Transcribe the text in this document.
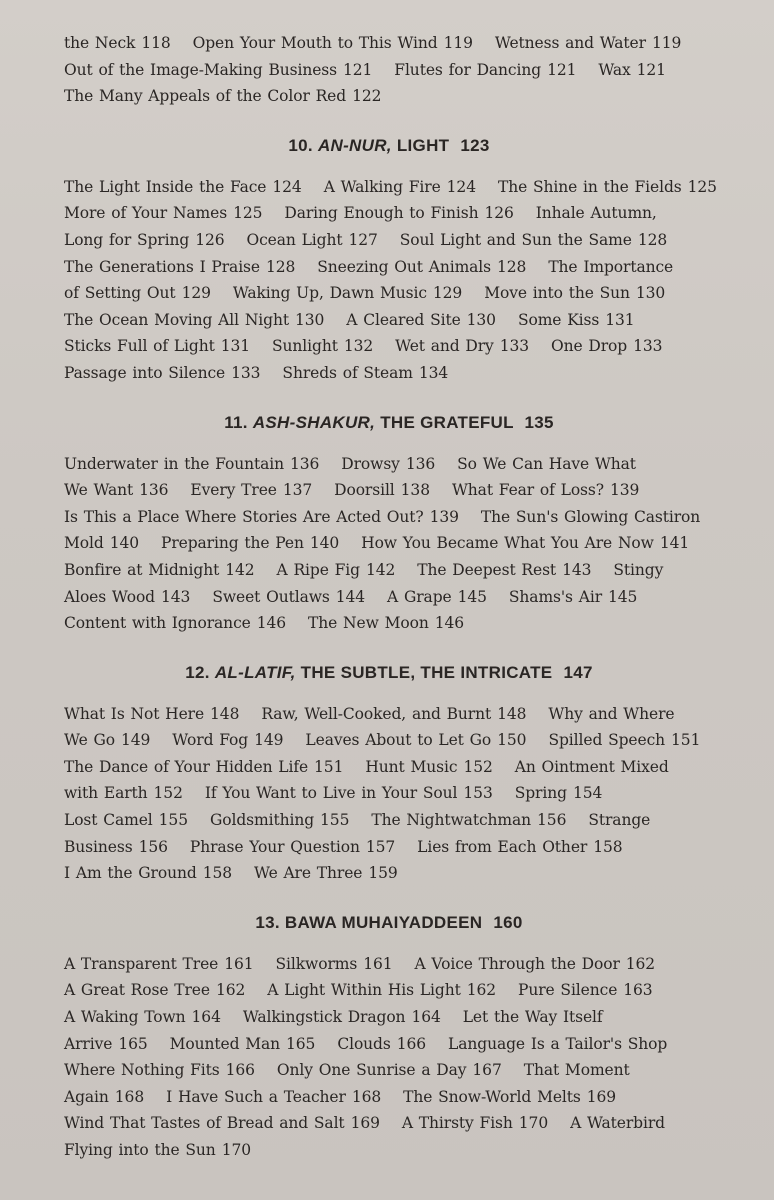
the Neck 118 Open Your Mouth to This Wind 119 Wetness and Water 119
Out of the Image-Making Business 121 Flutes for Dancing 121 Wax 121
The Many Appeals of the Color Red 122
10. AN-NUR, LIGHT 123
The Light Inside the Face 124 A Walking Fire 124 The Shine in the Fields 125
More of Your Names 125 Daring Enough to Finish 126 Inhale Autumn,
Long for Spring 126 Ocean Light 127 Soul Light and Sun the Same 128
The Generations I Praise 128 Sneezing Out Animals 128 The Importance
of Setting Out 129 Waking Up, Dawn Music 129 Move into the Sun 130
The Ocean Moving All Night 130 A Cleared Site 130 Some Kiss 131
Sticks Full of Light 131 Sunlight 132 Wet and Dry 133 One Drop 133
Passage into Silence 133 Shreds of Steam 134
11. ASH-SHAKUR, THE GRATEFUL 135
Underwater in the Fountain 136 Drowsy 136 So We Can Have What
We Want 136 Every Tree 137 Doorsill 138 What Fear of Loss? 139
Is This a Place Where Stories Are Acted Out? 139 The Sun's Glowing Castiron
Mold 140 Preparing the Pen 140 How You Became What You Are Now 141
Bonfire at Midnight 142 A Ripe Fig 142 The Deepest Rest 143 Stingy
Aloes Wood 143 Sweet Outlaws 144 A Grape 145 Shams's Air 145
Content with Ignorance 146 The New Moon 146
12. AL-LATIF, THE SUBTLE, THE INTRICATE 147
What Is Not Here 148 Raw, Well-Cooked, and Burnt 148 Why and Where
We Go 149 Word Fog 149 Leaves About to Let Go 150 Spilled Speech 151
The Dance of Your Hidden Life 151 Hunt Music 152 An Ointment Mixed
with Earth 152 If You Want to Live in Your Soul 153 Spring 154
Lost Camel 155 Goldsmithing 155 The Nightwatchman 156 Strange
Business 156 Phrase Your Question 157 Lies from Each Other 158
I Am the Ground 158 We Are Three 159
13. BAWA MUHAIYADDEEN 160
A Transparent Tree 161 Silkworms 161 A Voice Through the Door 162
A Great Rose Tree 162 A Light Within His Light 162 Pure Silence 163
A Waking Town 164 Walkingstick Dragon 164 Let the Way Itself
Arrive 165 Mounted Man 165 Clouds 166 Language Is a Tailor's Shop
Where Nothing Fits 166 Only One Sunrise a Day 167 That Moment
Again 168 I Have Such a Teacher 168 The Snow-World Melts 169
Wind That Tastes of Bread and Salt 169 A Thirsty Fish 170 A Waterbird
Flying into the Sun 170
